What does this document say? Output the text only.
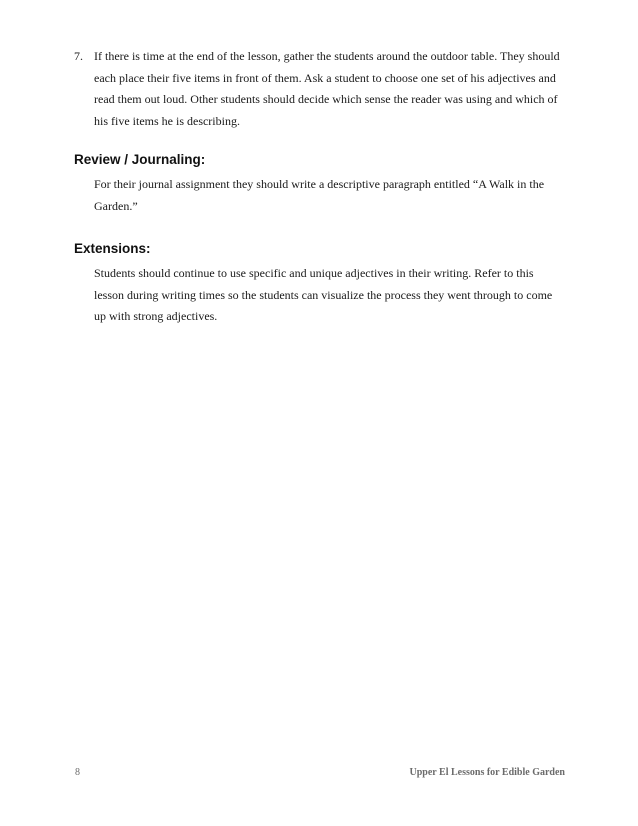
7. If there is time at the end of the lesson, gather the students around the outdoor table. They should each place their five items in front of them. Ask a student to choose one set of his adjectives and read them out loud. Other students should decide which sense the reader was using and which of his five items he is describing.
Review / Journaling:

For their journal assignment they should write a descriptive paragraph entitled “A Walk in the Garden.”

Extensions:

Students should continue to use specific and unique adjectives in their writing. Refer to this lesson during writing times so the students can visualize the process they went through to come up with strong adjectives.

8	Upper El Lessons for Edible Garden
